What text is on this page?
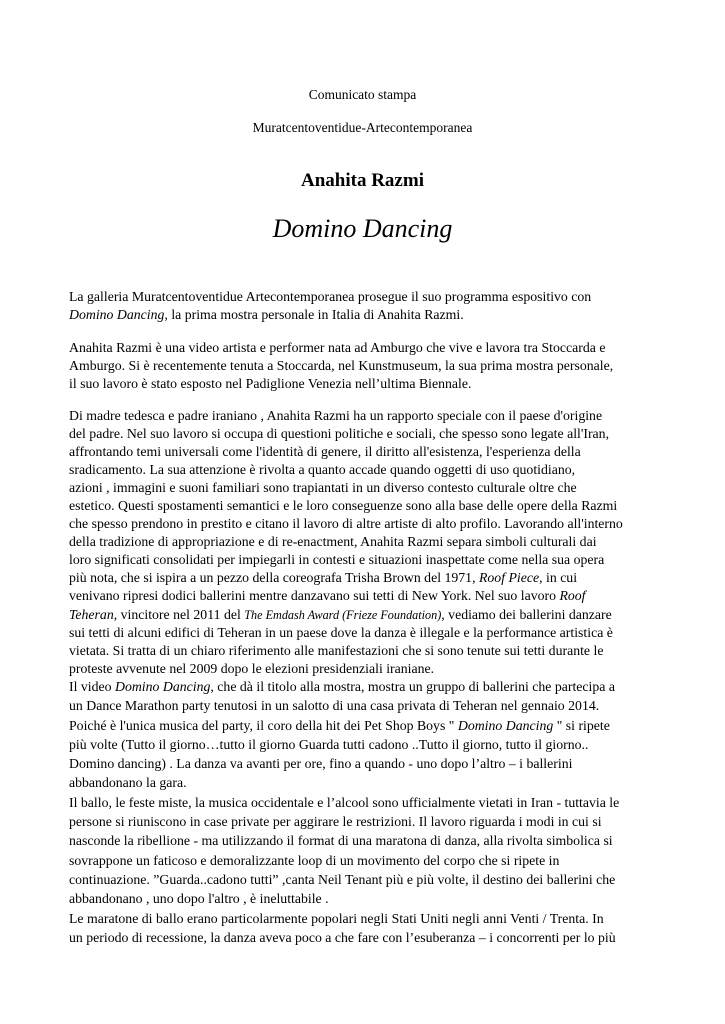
Comunicato stampa
Muratcentoventidue-Artecontemporanea
Anahita Razmi
Domino Dancing
La galleria Muratcentoventidue Artecontemporanea prosegue il suo programma espositivo con
Domino Dancing, la prima mostra personale in Italia di Anahita Razmi.
Anahita Razmi è una video artista e performer nata ad Amburgo che vive e lavora tra Stoccarda e
Amburgo. Si è recentemente tenuta a Stoccarda, nel Kunstmuseum, la sua prima mostra personale,
il suo lavoro è stato esposto nel Padiglione Venezia nell’ultima Biennale.
Di madre tedesca e padre iraniano , Anahita Razmi ha un rapporto speciale con il paese d'origine
del padre. Nel suo lavoro si occupa di questioni politiche e sociali, che spesso sono legate all'Iran,
affrontando temi universali come l'identità di genere, il diritto all'esistenza, l'esperienza della
sradicamento. La sua attenzione è rivolta a quanto accade quando oggetti di uso quotidiano,
azioni , immagini e suoni familiari sono trapiantati in un diverso contesto culturale oltre che
estetico. Questi spostamenti semantici e le loro conseguenze sono alla base delle opere della Razmi
che spesso prendono in prestito e citano il lavoro di altre artiste di alto profilo. Lavorando all'interno
della tradizione di appropriazione e di re-enactment, Anahita Razmi separa simboli culturali dai
loro significati consolidati per impiegarli in contesti e situazioni inaspettate come nella sua opera
più nota, che si ispira a un pezzo della coreografa Trisha Brown del 1971, Roof Piece, in cui
venivano ripresi dodici ballerini mentre danzavano sui tetti di New York. Nel suo lavoro Roof
Teheran, vincitore nel 2011 del The Emdash Award (Frieze Foundation), vediamo dei ballerini danzare
sui tetti di alcuni edifici di Teheran in un paese dove la danza è illegale e la performance artistica è
vietata. Si tratta di un chiaro riferimento alle manifestazioni che si sono tenute sui tetti durante le
proteste avvenute nel 2009 dopo le elezioni presidenziali iraniane.
Il video Domino Dancing, che dà il titolo alla mostra, mostra un gruppo di ballerini che partecipa a
un Dance Marathon party tenutosi in un salotto di una casa privata di Teheran nel gennaio 2014.
Poiché è l'unica musica del party, il coro della hit dei Pet Shop Boys " Domino Dancing " si ripete
più volte (Tutto il giorno…tutto il giorno Guarda tutti cadono ..Tutto il giorno, tutto il giorno..
Domino dancing) . La danza va avanti per ore, fino a quando - uno dopo l’altro – i ballerini
abbandonano la gara.
Il ballo, le feste miste, la musica occidentale e l’alcool sono ufficialmente vietati in Iran - tuttavia le
persone si riuniscono in case private per aggirare le restrizioni. Il lavoro riguarda i modi in cui si
nasconde la ribellione - ma utilizzando il format di una maratona di danza, alla rivolta simbolica si
sovrappone un faticoso e demoralizzante loop di un movimento del corpo che si ripete in
continuazione. ”Guarda..cadono tutti” ,canta Neil Tenant più e più volte, il destino dei ballerini che
abbandonano , uno dopo l'altro , è ineluttabile .
Le maratone di ballo erano particolarmente popolari negli Stati Uniti negli anni Venti / Trenta. In
un periodo di recessione, la danza aveva poco a che fare con l’esuberanza – i concorrenti per lo più
